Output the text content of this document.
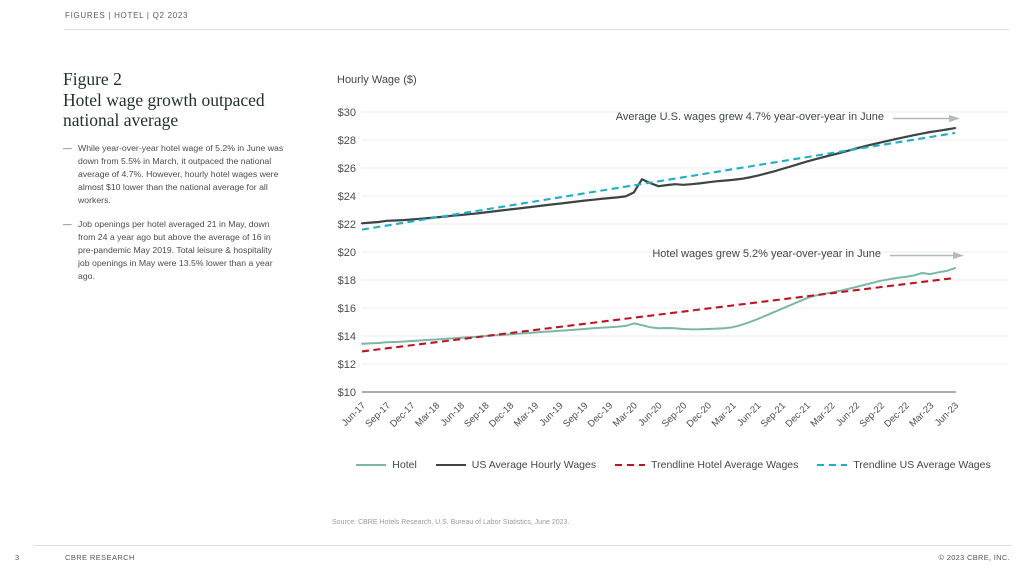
FIGURES | HOTEL | Q2 2023
Figure 2
Hotel wage growth outpaced
national average
— While year-over-year hotel wage of 5.2% in June was down from 5.5% in March, it outpaced the national average of 4.7%. However, hourly hotel wages were almost $10 lower than the national average for all workers.
— Job openings per hotel averaged 21 in May, down from 24 a year ago but above the average of 16 in pre-pandemic May 2019. Total leisure & hospitality job openings in May were 13.5% lower than a year ago.
Hourly Wage ($)
$10
$12
$14
$16
$18
$20
$22
$24
$26
$28
$30
Jun-17
Sep-17
Dec-17
Mar-18
Jun-18
Sep-18
Dec-18
Mar-19
Jun-19
Sep-19
Dec-19
Mar-20
Jun-20
Sep-20
Dec-20
Mar-21
Jun-21
Sep-21
Dec-21
Mar-22
Jun-22
Sep-22
Dec-22
Mar-23
Jun-23
Average U.S. wages grew 4.7% year-over-year in June
Hotel wages grew 5.2% year-over-year in June
Hotel	US Average Hourly Wages	Trendline Hotel Average Wages	Trendline US Average Wages
Source: CBRE Hotels Research, U.S. Bureau of Labor Statistics, June 2023.
3	CBRE RESEARCH	© 2023 CBRE, INC.
